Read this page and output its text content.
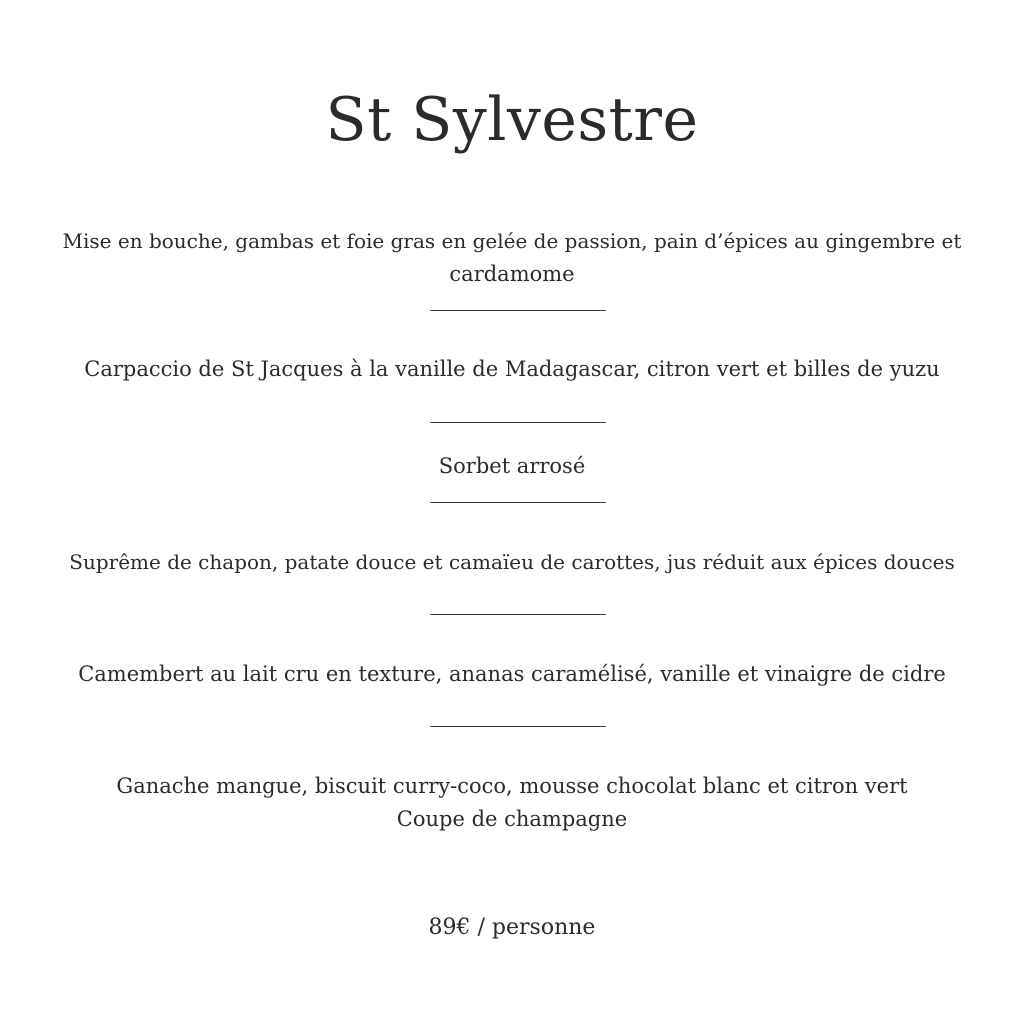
St Sylvestre

Mise en bouche, gambas et foie gras en gelée de passion, pain d’épices au gingembre et

cardamome

Carpaccio de St Jacques à la vanille de Madagascar, citron vert et billes de yuzu

Sorbet arrosé

Suprême de chapon, patate douce et camaïeu de carottes, jus réduit aux épices douces

Camembert au lait cru en texture, ananas caramélisé, vanille et vinaigre de cidre

Ganache mangue, biscuit curry-coco, mousse chocolat blanc et citron vert

Coupe de champagne

89€ / personne
